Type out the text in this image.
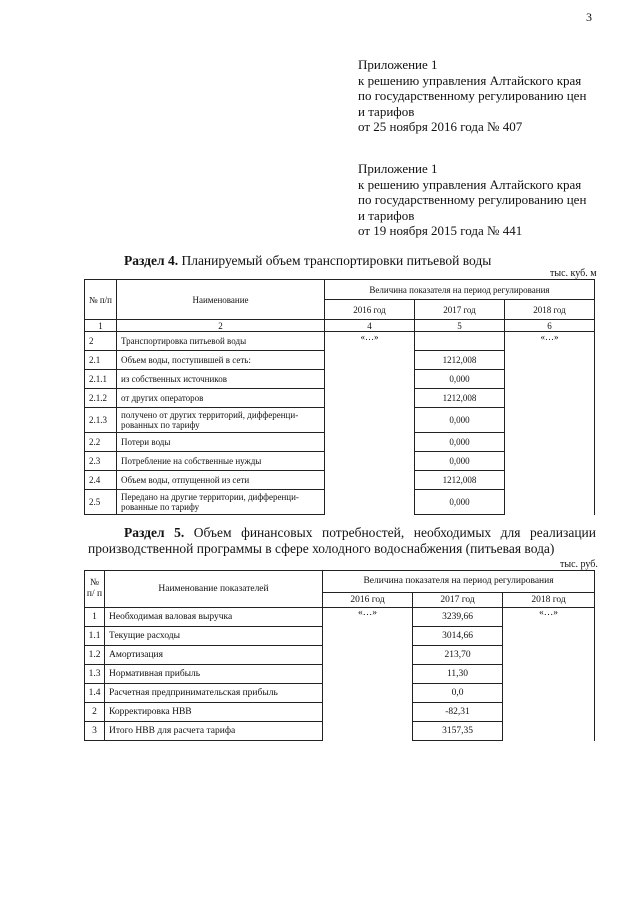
3
Приложение 1
к решению управления Алтайского края
по государственному регулированию цен
и тарифов
от 25 ноября 2016 года № 407
Приложение 1
к решению управления Алтайского края
по государственному регулированию цен
и тарифов
от 19 ноября 2015 года № 441
Раздел 4. Планируемый объем транспортировки питьевой воды
тыс. куб. м
№ п/п	Наименование	Величина показателя на период регулирования		
		2016 год	2017 год	2018 год
1	2	4	5	6
2	Транспортировка питьевой воды	«…»		«…»
2.1	Объем воды, поступившей в сеть:		1212,008	
2.1.1	из собственных источников		0,000	
2.1.2	от других операторов		1212,008	
2.1.3	получено от других территорий, дифференци-рованных по тарифу		0,000	
2.2	Потери воды		0,000	
2.3	Потребление на собственные нужды		0,000	
2.4	Объем воды, отпущенной из сети		1212,008	
2.5	Передано на другие территории, дифференци-рованные по тарифу		0,000	
Раздел 5. Объем финансовых потребностей, необходимых для реализации производственной программы в сфере холодного водоснабжения (питьевая вода)
тыс. руб.
№ п/ п	Наименование показателей	Величина показателя на период регулирования		
		2016 год	2017 год	2018 год
1	Необходимая валовая выручка	«…»	3239,66	«…»
1.1	Текущие расходы		3014,66	
1.2	Амортизация		213,70	
1.3	Нормативная прибыль		11,30	
1.4	Расчетная предпринимательская прибыль		0,0	
2	Корректировка НВВ		-82,31	
3	Итого НВВ для расчета тарифа		3157,35	
